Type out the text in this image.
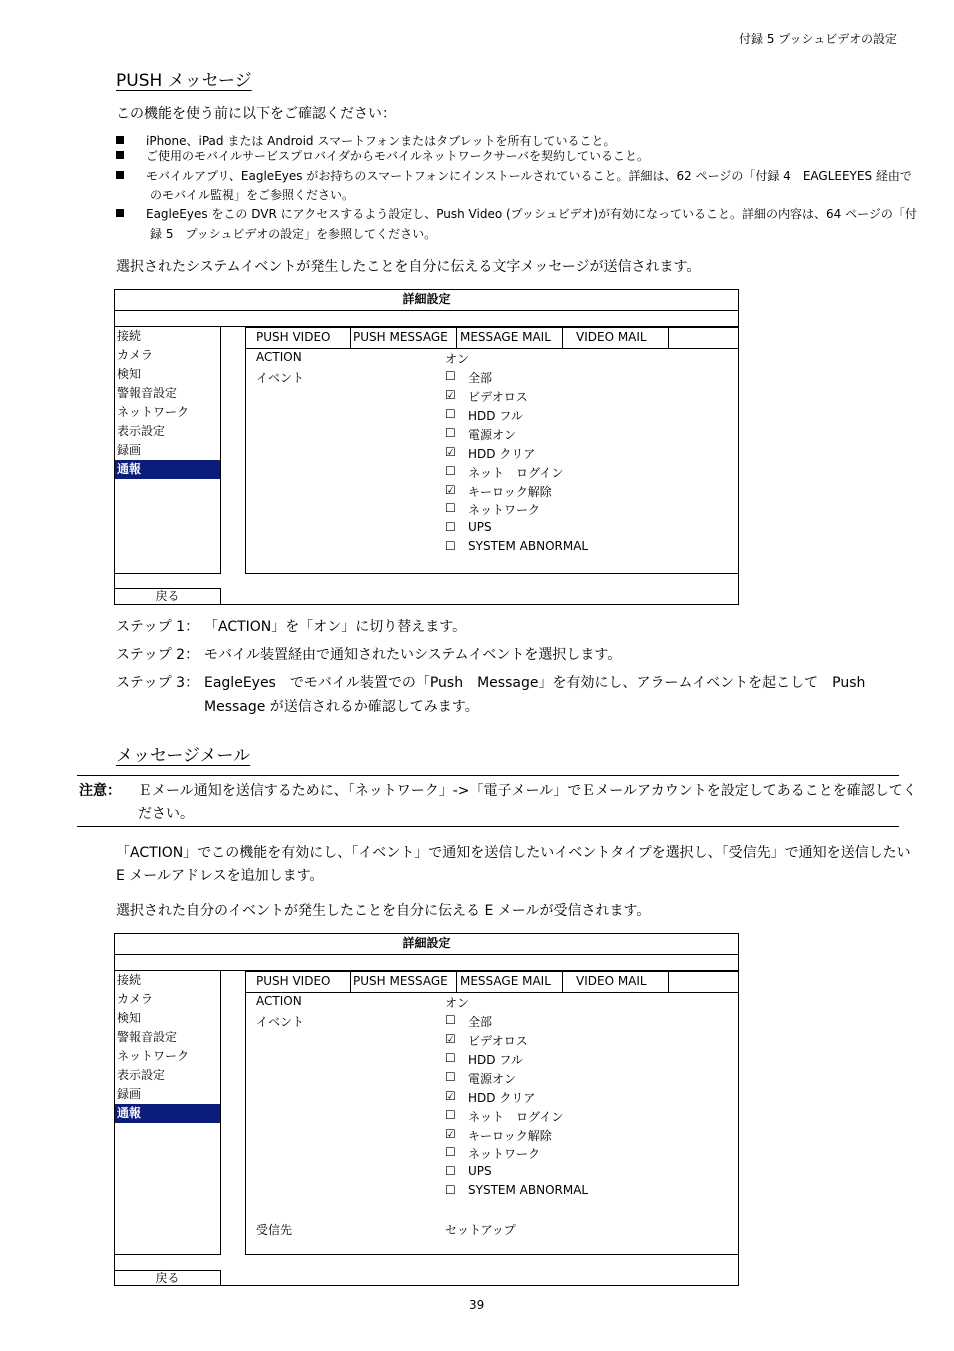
付録 5 プッシュビデオの設定
PUSH メッセージ
この機能を使う前に以下をご確認ください：
iPhone、iPad または Android スマートフォンまたはタブレットを所有していること。
ご使用のモバイルサービスプロバイダからモバイルネットワークサーバを契約していること。
モバイルアプリ、EagleEyes がお持ちのスマートフォンにインストールされていること。詳細は、62 ページの「付録 4　EAGLEEYES 経由で
のモバイル監視」をご参照ください。
EagleEyes をこの DVR にアクセスするよう設定し、Push Video (プッシュビデオ)が有効になっていること。詳細の内容は、64 ページの「付
録 5　プッシュビデオの設定」を参照してください。
選択されたシステムイベントが発生したことを自分に伝える文字メッセージが送信されます。
詳細設定
接続
カメラ
検知
警報音設定
ネットワーク
表示設定
録画
通報
戻る
PUSH VIDEO	PUSH MESSAGE	MESSAGE MAIL	VIDEO MAIL
ACTION	オン
イベント	☐ 全部
☑ ビデオロス
☐ HDD フル
☐ 電源オン
☑ HDD クリア
☐ ネット　ログイン
☑ キーロック解除
☐ ネットワーク
☐ UPS
☐ SYSTEM ABNORMAL
ステップ 1： 「ACTION」を「オン」に切り替えます。
ステップ 2： モバイル装置経由で通知されたいシステムイベントを選択します。
ステップ 3： EagleEyes　でモバイル装置での「Push　Message」を有効にし、アラームイベントを起こして　Push
Message が送信されるか確認してみます。
メッセージメール
注意： Ｅメール通知を送信するために、「ネットワーク」->「電子メール」でＥメールアカウントを設定してあることを確認してく
ださい。
「ACTION」でこの機能を有効にし、「イベント」で通知を送信したいイベントタイプを選択し、「受信先」で通知を送信したい
E メールアドレスを追加します。
選択された自分のイベントが発生したことを自分に伝える E メールが受信されます。
詳細設定
接続
カメラ
検知
警報音設定
ネットワーク
表示設定
録画
通報
戻る
PUSH VIDEO	PUSH MESSAGE	MESSAGE MAIL	VIDEO MAIL
ACTION	オン
イベント	☐ 全部
☑ ビデオロス
☐ HDD フル
☐ 電源オン
☑ HDD クリア
☐ ネット　ログイン
☑ キーロック解除
☐ ネットワーク
☐ UPS
☐ SYSTEM ABNORMAL
受信先	セットアップ
39
